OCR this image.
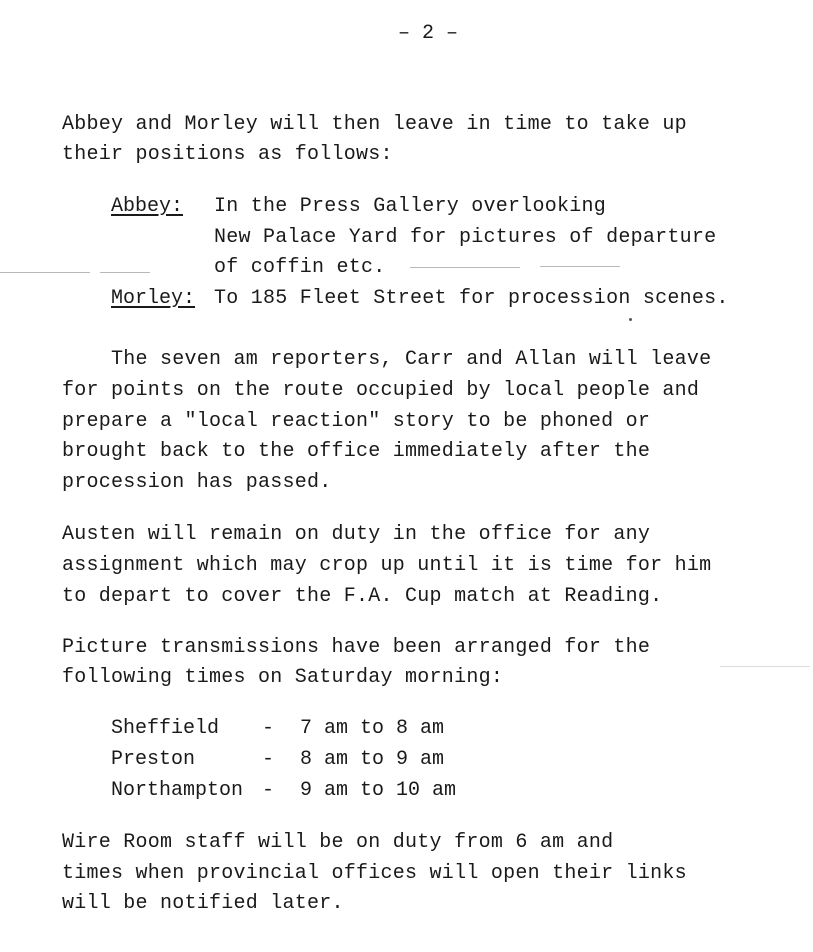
– 2 –
Abbey and Morley will then leave in time to take up
their positions as follows:
Abbey: In the Press Gallery overlooking
New Palace Yard for pictures of departure
of coffin etc.
Morley: To 185 Fleet Street for procession scenes.
The seven am reporters, Carr and Allan will leave
for points on the route occupied by local people and
prepare a "local reaction" story to be phoned or
brought back to the office immediately after the
procession has passed.
Austen will remain on duty in the office for any
assignment which may crop up until it is time for him
to depart to cover the F.A. Cup match at Reading.
Picture transmissions have been arranged for the
following times on Saturday morning:
Sheffield - 7 am to 8 am
Preston	- 8 am to 9 am
Northampton - 9 am to 10 am
Wire Room staff will be on duty from 6 am and
times when provincial offices will open their links
will be notified later.
